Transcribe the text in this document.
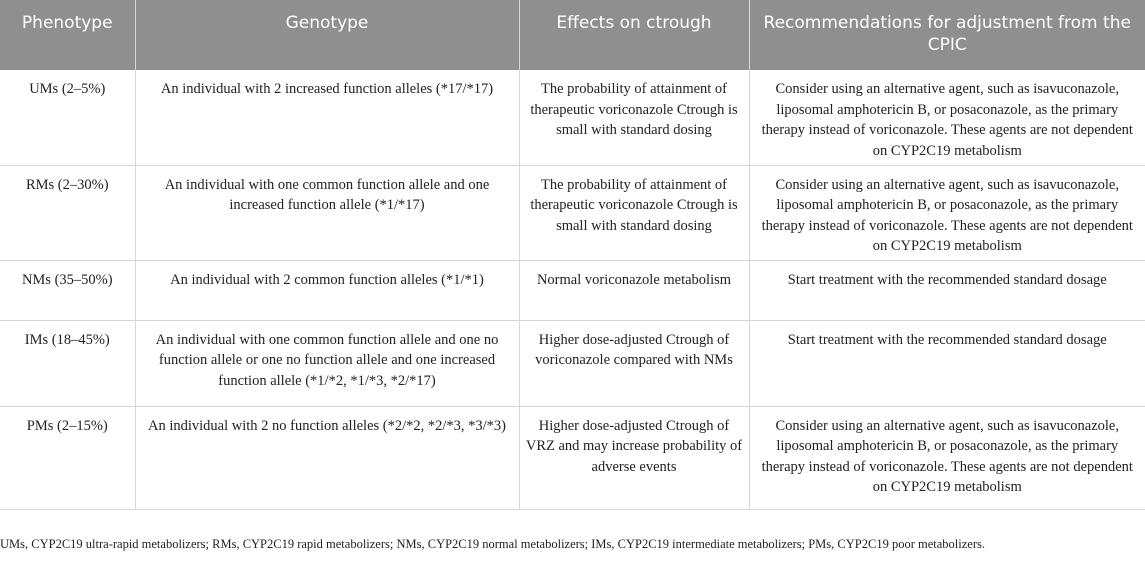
Phenotype	Genotype	Effects on ctrough	Recommendations for adjustment from the CPIC

UMs (2–5%)	An individual with 2 increased function alleles (*17/*17)	The probability of attainment of therapeutic voriconazole Ctrough is small with standard dosing	Consider using an alternative agent, such as isavuconazole, liposomal amphotericin B, or posaconazole, as the primary therapy instead of voriconazole. These agents are not dependent on CYP2C19 metabolism
RMs (2–30%)	An individual with one common function allele and one increased function allele (*1/*17)	The probability of attainment of therapeutic voriconazole Ctrough is small with standard dosing	Consider using an alternative agent, such as isavuconazole, liposomal amphotericin B, or posaconazole, as the primary therapy instead of voriconazole. These agents are not dependent on CYP2C19 metabolism
NMs (35–50%)	An individual with 2 common function alleles (*1/*1)	Normal voriconazole metabolism	Start treatment with the recommended standard dosage
IMs (18–45%)	An individual with one common function allele and one no function allele or one no function allele and one increased function allele (*1/*2, *1/*3, *2/*17)	Higher dose-adjusted Ctrough of voriconazole compared with NMs	Start treatment with the recommended standard dosage
PMs (2–15%)	An individual with 2 no function alleles (*2/*2, *2/*3, *3/*3)	Higher dose-adjusted Ctrough of VRZ and may increase probability of adverse events	Consider using an alternative agent, such as isavuconazole, liposomal amphotericin B, or posaconazole, as the primary therapy instead of voriconazole. These agents are not dependent on CYP2C19 metabolism
UMs, CYP2C19 ultra-rapid metabolizers; RMs, CYP2C19 rapid metabolizers; NMs, CYP2C19 normal metabolizers; IMs, CYP2C19 intermediate metabolizers; PMs, CYP2C19 poor metabolizers.
